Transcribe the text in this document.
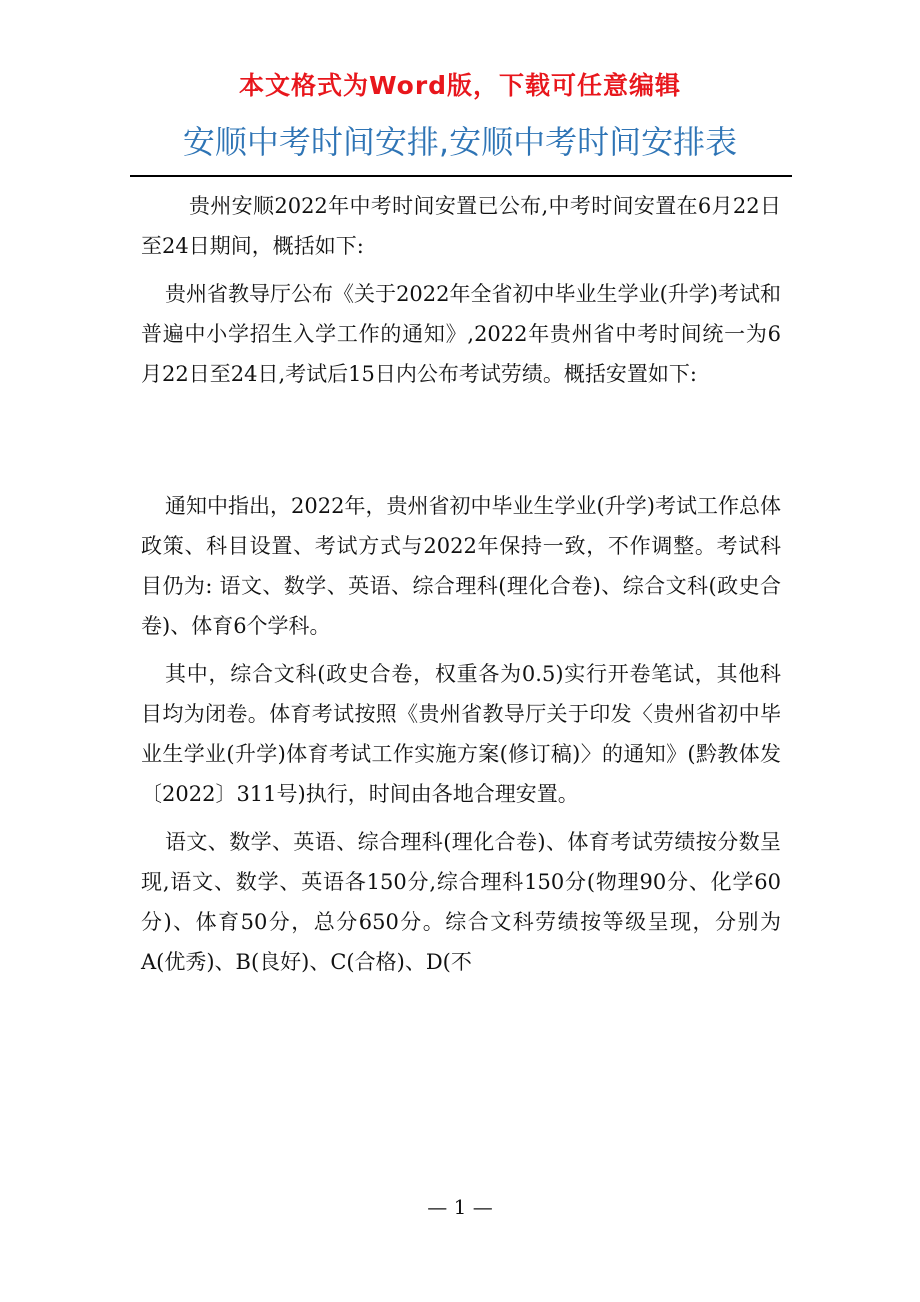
本文格式为Word版，下载可任意编辑
安顺中考时间安排,安顺中考时间安排表

贵州安顺2022年中考时间安置已公布,中考时间安置在6月22日至24日期间，概括如下:

贵州省教导厅公布《关于2022年全省初中毕业生学业(升学)考试和普遍中小学招生入学工作的通知》,2022年贵州省中考时间统一为6月22日至24日,考试后15日内公布考试劳绩。概括安置如下:

通知中指出，2022年，贵州省初中毕业生学业(升学)考试工作总体政策、科目设置、考试方式与2022年保持一致，不作调整。考试科目仍为: 语文、数学、英语、综合理科(理化合卷)、综合文科(政史合卷)、体育6个学科。

其中，综合文科(政史合卷，权重各为0.5)实行开卷笔试，其他科目均为闭卷。体育考试按照《贵州省教导厅关于印发〈贵州省初中毕业生学业(升学)体育考试工作实施方案(修订稿)〉的通知》(黔教体发〔2022〕311号)执行，时间由各地合理安置。

语文、数学、英语、综合理科(理化合卷)、体育考试劳绩按分数呈现,语文、数学、英语各150分,综合理科150分(物理90分、化学60分)、体育50分，总分650分。综合文科劳绩按等级呈现，分别为A(优秀)、B(良好)、C(合格)、D(不

— 1 —
